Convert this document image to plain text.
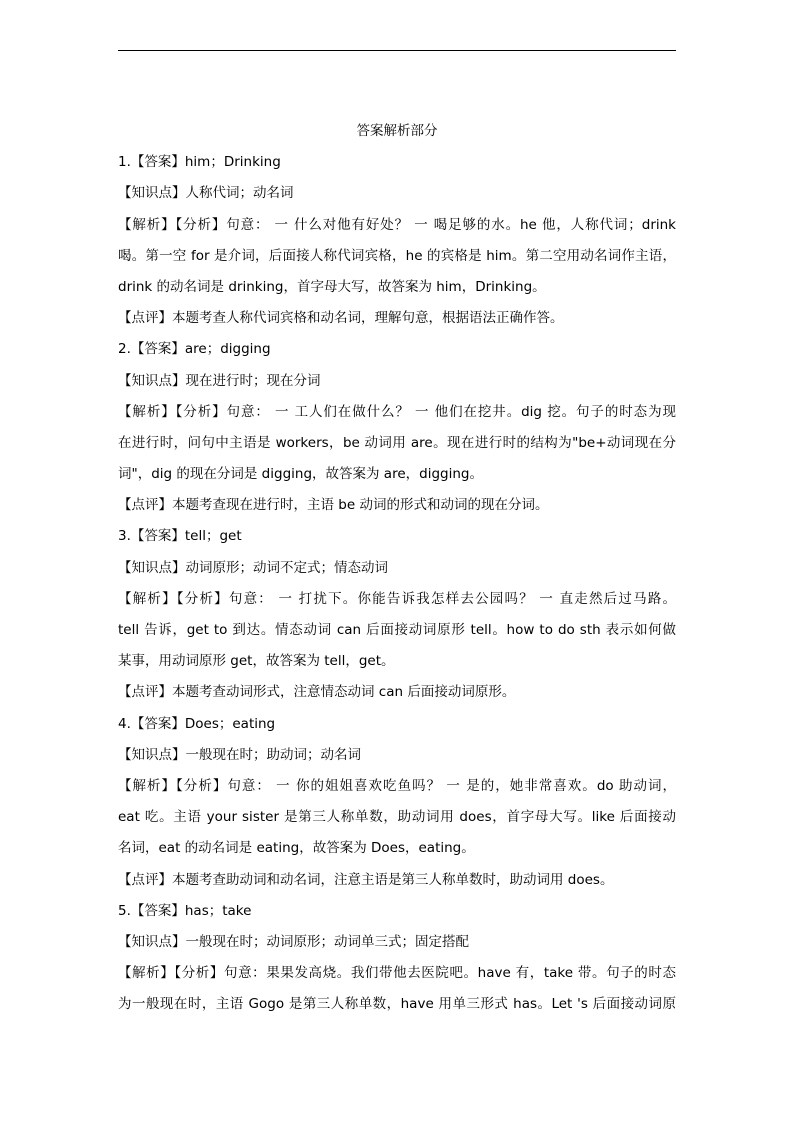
答案解析部分
1.【答案】him；Drinking
【知识点】人称代词；动名词
【解析】【分析】句意： 一 什么对他有好处？ 一 喝足够的水。he 他，人称代词；drink
喝。第一空 for 是介词，后面接人称代词宾格，he 的宾格是 him。第二空用动名词作主语，
drink 的动名词是 drinking，首字母大写，故答案为 him，Drinking。
【点评】本题考查人称代词宾格和动名词，理解句意，根据语法正确作答。
2.【答案】are；digging
【知识点】现在进行时；现在分词
【解析】【分析】句意： 一 工人们在做什么？ 一 他们在挖井。dig 挖。句子的时态为现
在进行时，问句中主语是 workers，be 动词用 are。现在进行时的结构为"be+动词现在分
词"，dig 的现在分词是 digging，故答案为 are，digging。
【点评】本题考查现在进行时，主语 be 动词的形式和动词的现在分词。
3.【答案】tell；get
【知识点】动词原形；动词不定式；情态动词
【解析】【分析】句意： 一 打扰下。你能告诉我怎样去公园吗？ 一 直走然后过马路。
tell 告诉，get to 到达。情态动词 can 后面接动词原形 tell。how to do sth 表示如何做
某事，用动词原形 get，故答案为 tell，get。
【点评】本题考查动词形式，注意情态动词 can 后面接动词原形。
4.【答案】Does；eating
【知识点】一般现在时；助动词；动名词
【解析】【分析】句意： 一 你的姐姐喜欢吃鱼吗？ 一 是的，她非常喜欢。do 助动词，
eat 吃。主语 your sister 是第三人称单数，助动词用 does，首字母大写。like 后面接动
名词，eat 的动名词是 eating，故答案为 Does，eating。
【点评】本题考查助动词和动名词，注意主语是第三人称单数时，助动词用 does。
5.【答案】has；take
【知识点】一般现在时；动词原形；动词单三式；固定搭配
【解析】【分析】句意：果果发高烧。我们带他去医院吧。have 有，take 带。句子的时态
为一般现在时，主语 Gogo 是第三人称单数，have 用单三形式 has。Let 's 后面接动词原
